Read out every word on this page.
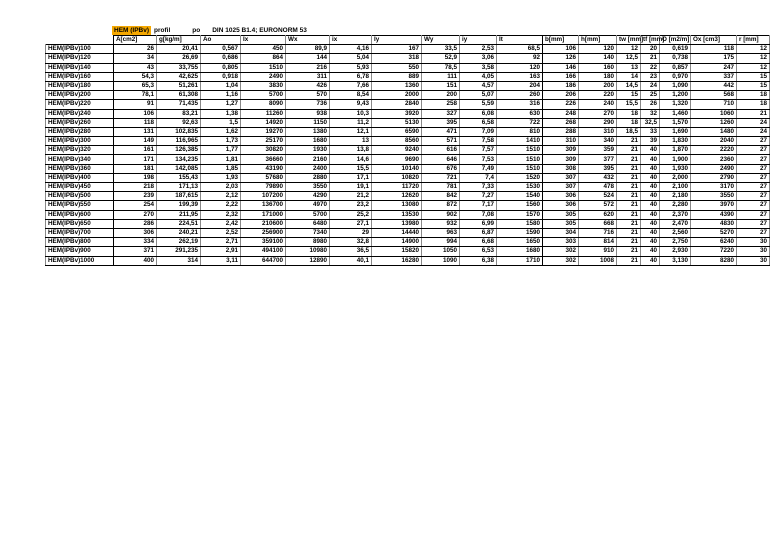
HEM (IPBv) profil	po DIN 1025 B1.4; EURONORM 53
	A[cm2]	g[kg/m]	Ao	Ix	Wx	ix	Iy	Wy	iy	It	b[mm]	h[mm]	tw [mm]	tf [mm]	O [m2/m]	Ox [cm3]	r [mm]
HEM(IPBv)100	26	20,41	0,567	450	89,9	4,16	167	33,5	2,53	68,5	106	120	12	20	0,619	118	12
HEM(IPBv)120	34	26,69	0,686	864	144	5,04	318	52,9	3,06	92	126	140	12,5	21	0,738	175	12
HEM(IPBv)140	43	33,755	0,805	1510	216	5,93	550	78,5	3,58	120	146	160	13	22	0,857	247	12
HEM(IPBv)160	54,3	42,625	0,918	2490	311	6,78	889	111	4,05	163	166	180	14	23	0,970	337	15
HEM(IPBv)180	65,3	51,261	1,04	3830	426	7,66	1360	151	4,57	204	186	200	14,5	24	1,090	442	15
HEM(IPBv)200	78,1	61,308	1,16	5700	570	8,54	2000	200	5,07	260	206	220	15	25	1,200	568	18
HEM(IPBv)220	91	71,435	1,27	8090	736	9,43	2840	258	5,59	316	226	240	15,5	26	1,320	710	18
HEM(IPBv)240	106	83,21	1,38	11260	938	10,3	3920	327	6,08	630	248	270	18	32	1,460	1060	21
HEM(IPBv)260	118	92,63	1,5	14920	1150	11,2	5130	395	6,58	722	268	290	18	32,5	1,570	1260	24
HEM(IPBv)280	131	102,835	1,62	19270	1380	12,1	6590	471	7,09	810	288	310	18,5	33	1,690	1480	24
HEM(IPBv)300	149	116,965	1,73	25170	1680	13	8560	571	7,58	1410	310	340	21	39	1,830	2040	27
HEM(IPBv)320	161	126,385	1,77	30820	1930	13,8	9240	616	7,57	1510	309	359	21	40	1,870	2220	27
HEM(IPBv)340	171	134,235	1,81	36660	2160	14,6	9690	646	7,53	1510	309	377	21	40	1,900	2360	27
HEM(IPBv)360	181	142,085	1,85	43190	2400	15,5	10140	676	7,49	1510	308	395	21	40	1,930	2490	27
HEM(IPBv)400	198	155,43	1,93	57680	2880	17,1	10820	721	7,4	1520	307	432	21	40	2,000	2790	27
HEM(IPBv)450	218	171,13	2,03	79890	3550	19,1	11720	781	7,33	1530	307	478	21	40	2,100	3170	27
HEM(IPBv)500	239	187,615	2,12	107200	4290	21,2	12620	842	7,27	1540	306	524	21	40	2,180	3550	27
HEM(IPBv)550	254	199,39	2,22	136700	4970	23,2	13080	872	7,17	1560	306	572	21	40	2,280	3970	27
HEM(IPBv)600	270	211,95	2,32	171000	5700	25,2	13530	902	7,08	1570	305	620	21	40	2,370	4390	27
HEM(IPBv)650	286	224,51	2,42	210600	6480	27,1	13980	932	6,99	1580	305	668	21	40	2,470	4830	27
HEM(IPBv)700	306	240,21	2,52	256900	7340	29	14440	963	6,87	1590	304	716	21	40	2,560	5270	27
HEM(IPBv)800	334	262,19	2,71	359100	8980	32,8	14900	994	6,68	1650	303	814	21	40	2,750	6240	30
HEM(IPBv)900	371	291,235	2,91	494100	10980	36,5	15820	1050	6,53	1680	302	910	21	40	2,930	7220	30
HEM(IPBv)1000	400	314	3,11	644700	12890	40,1	16280	1090	6,38	1710	302	1008	21	40	3,130	8280	30
